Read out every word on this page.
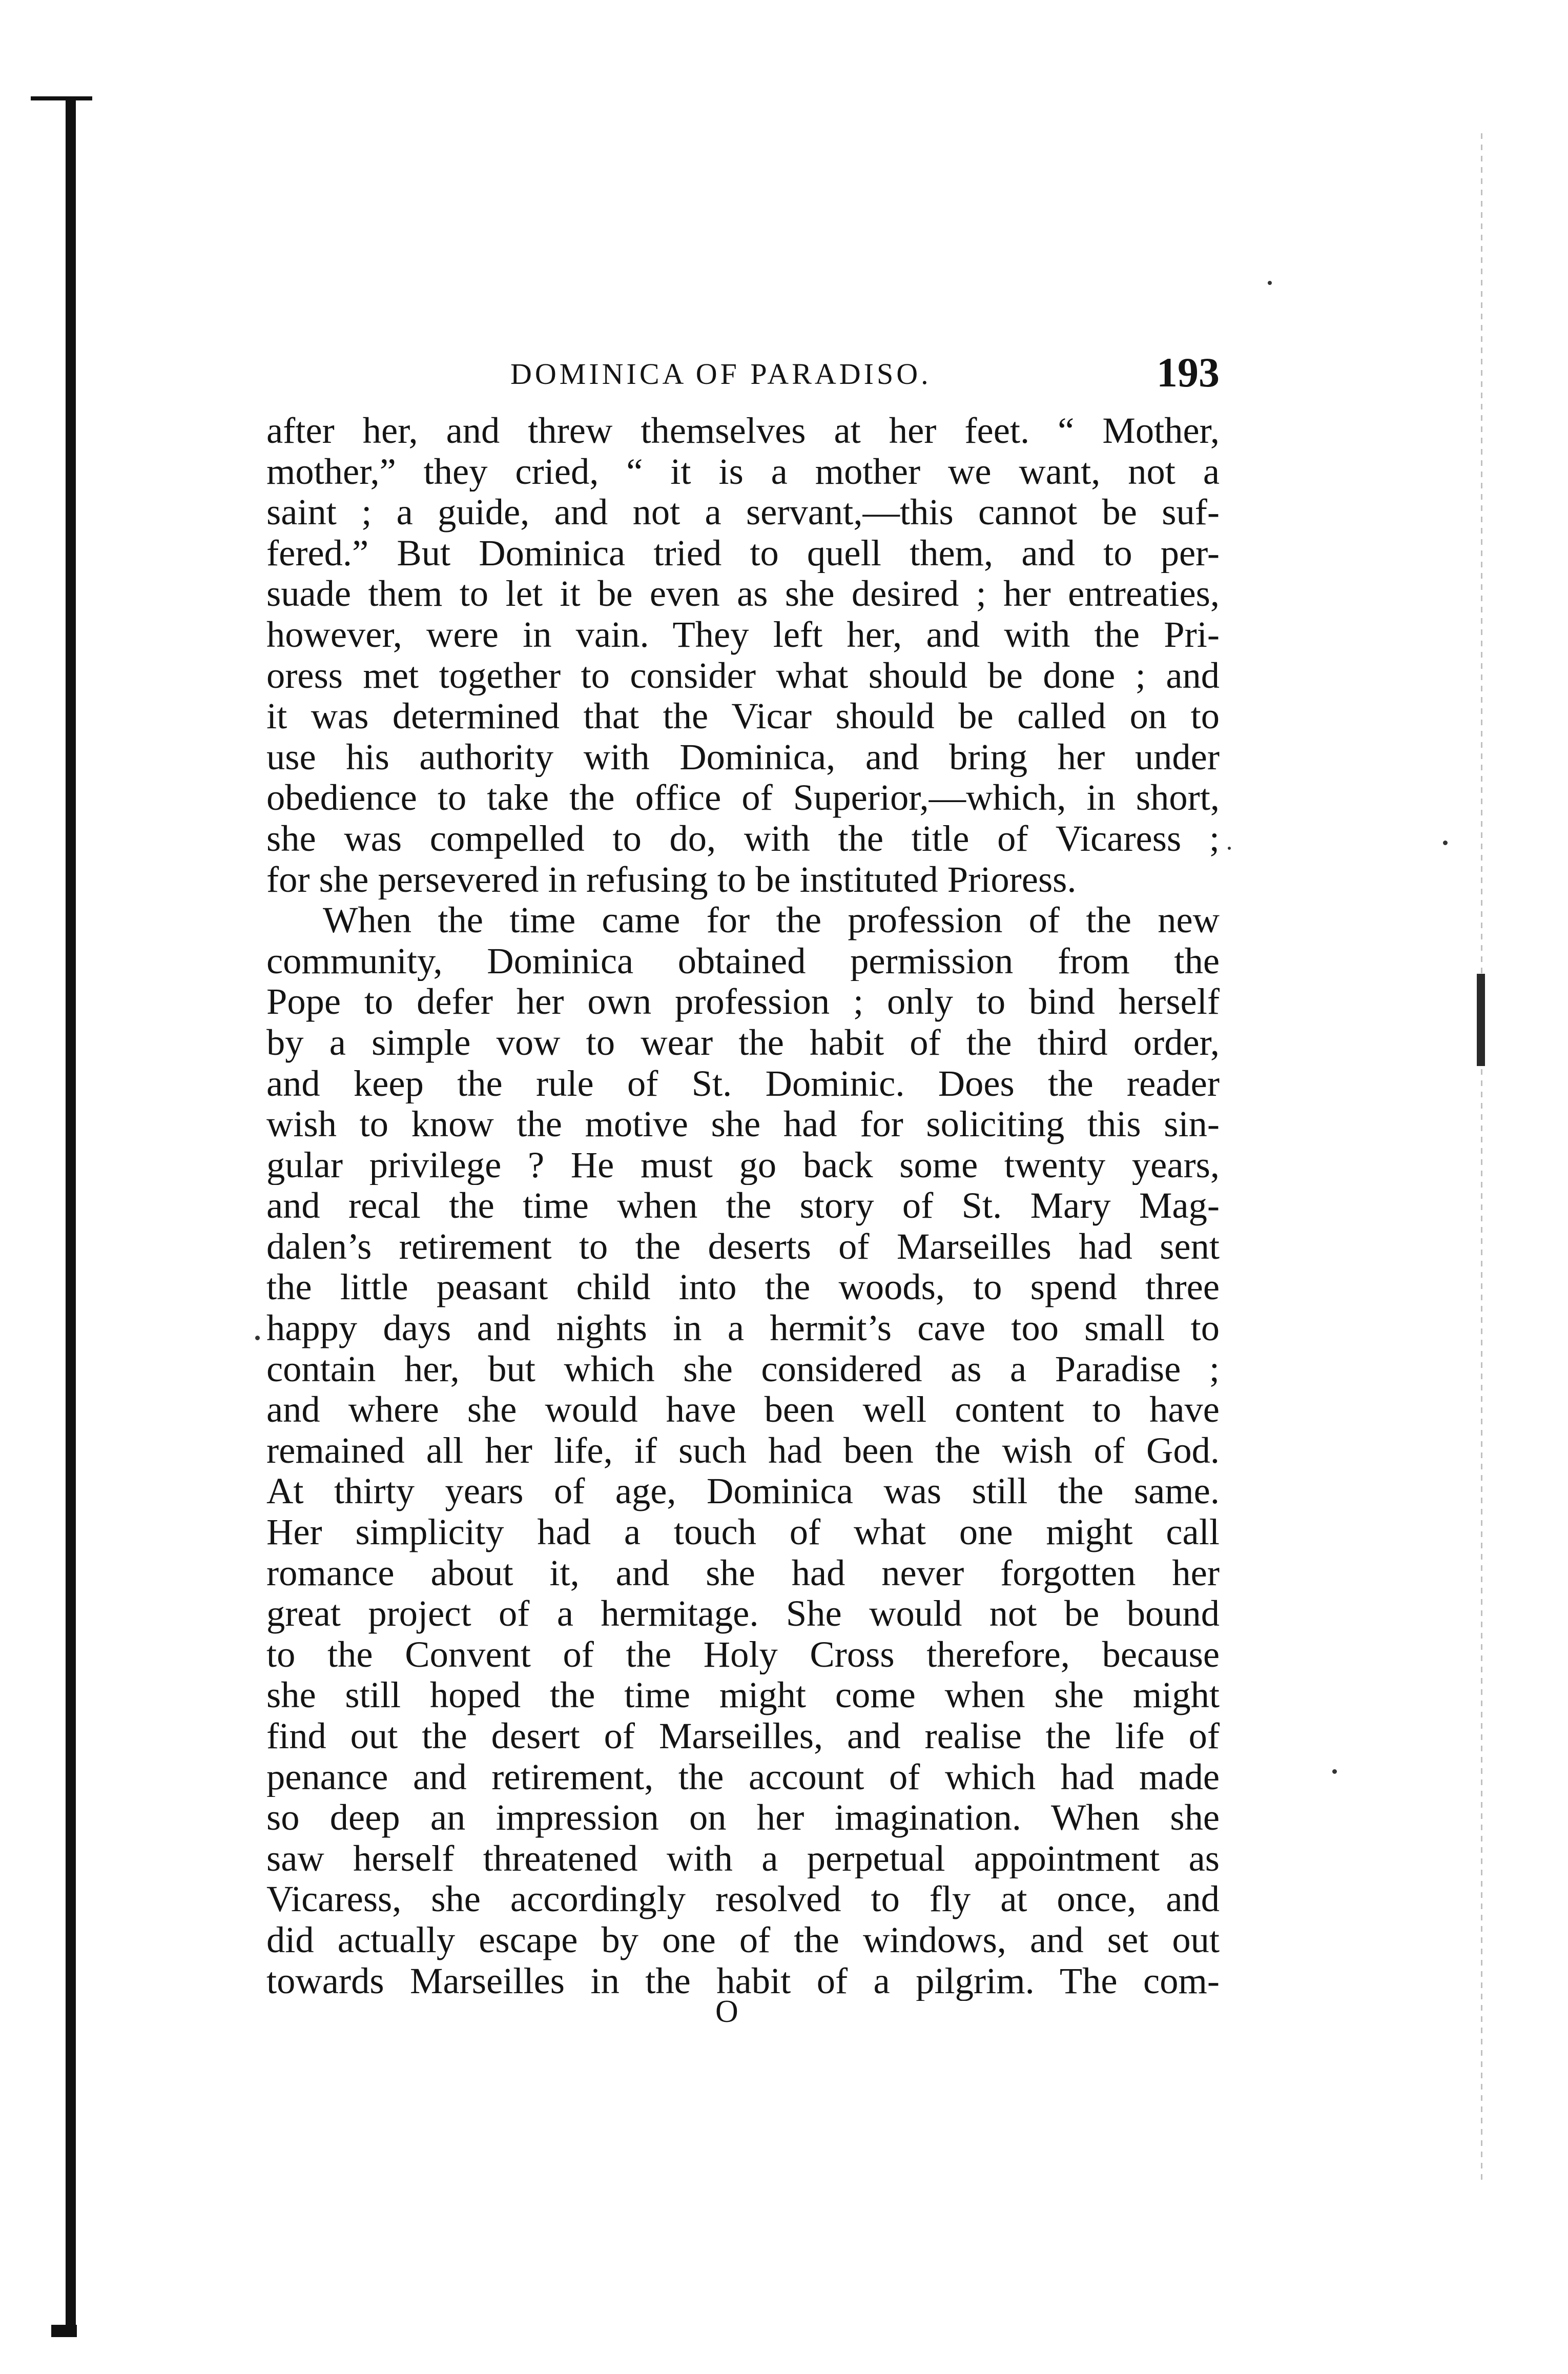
DOMINICA OF PARADISO.	193
after her, and threw themselves at her feet. “ Mother,
mother,” they cried, “ it is a mother we want, not a
saint ; a guide, and not a servant,—this cannot be suf-
fered.” But Dominica tried to quell them, and to per-
suade them to let it be even as she desired ; her entreaties,
however, were in vain. They left her, and with the Pri-
oress met together to consider what should be done ; and
it was determined that the Vicar should be called on to
use his authority with Dominica, and bring her under
obedience to take the office of Superior,—which, in short,
she was compelled to do, with the title of Vicaress ;
for she persevered in refusing to be instituted Prioress.
When the time came for the profession of the new
community, Dominica obtained permission from the
Pope to defer her own profession ; only to bind herself
by a simple vow to wear the habit of the third order,
and keep the rule of St. Dominic. Does the reader
wish to know the motive she had for soliciting this sin-
gular privilege ? He must go back some twenty years,
and recal the time when the story of St. Mary Mag-
dalen’s retirement to the deserts of Marseilles had sent
the little peasant child into the woods, to spend three
happy days and nights in a hermit’s cave too small to
contain her, but which she considered as a Paradise ;
and where she would have been well content to have
remained all her life, if such had been the wish of God.
At thirty years of age, Dominica was still the same.
Her simplicity had a touch of what one might call
romance about it, and she had never forgotten her
great project of a hermitage. She would not be bound
to the Convent of the Holy Cross therefore, because
she still hoped the time might come when she might
find out the desert of Marseilles, and realise the life of
penance and retirement, the account of which had made
so deep an impression on her imagination. When she
saw herself threatened with a perpetual appointment as
Vicaress, she accordingly resolved to fly at once, and
did actually escape by one of the windows, and set out
towards Marseilles in the habit of a pilgrim. The com-
O
